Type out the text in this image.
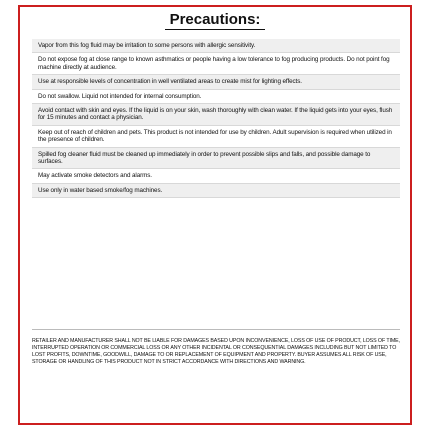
Precautions:
Vapor from this fog fluid may be irritation to some persons with allergic sensitivity.
Do not expose fog at close range to known asthmatics or people having a low tolerance to fog producing products. Do not point fog machine directly at audience.
Use at responsible levels of concentration in well ventilated areas to create mist for lighting effects.
Do not swallow. Liquid not intended for internal consumption.
Avoid contact with skin and eyes. If the liquid is on your skin, wash thoroughly with clean water. If the liquid gets into your eyes, flush for 15 minutes and contact a physician.
Keep out of reach of children and pets. This product is not intended for use by children. Adult supervision is required when utilized in the presence of children.
Spilled fog cleaner fluid must be cleaned up immediately in order to prevent possible slips and falls, and possible damage to surfaces.
May activate smoke detectors and alarms.
Use only in water based smoke/fog machines.
RETAILER AND MANUFACTURER SHALL NOT BE LIABLE FOR DAMAGES BASED UPON INCONVENIENCE, LOSS OF USE OF PRODUCT, LOSS OF TIME, INTERRUPTED OPERATION OR COMMERCIAL LOSS OR ANY OTHER INCIDENTAL OR CONSEQUENTIAL DAMAGES INCLUDING BUT NOT LIMITED TO LOST PROFITS, DOWNTIME, GOODWILL, DAMAGE TO OR REPLACEMENT OF EQUIPMENT AND PROPERTY. BUYER ASSUMES ALL RISK OF USE, STORAGE OR HANDLING OF THIS PRODUCT NOT IN STRICT ACCORDANCE WITH DIRECTIONS AND WARNING.
